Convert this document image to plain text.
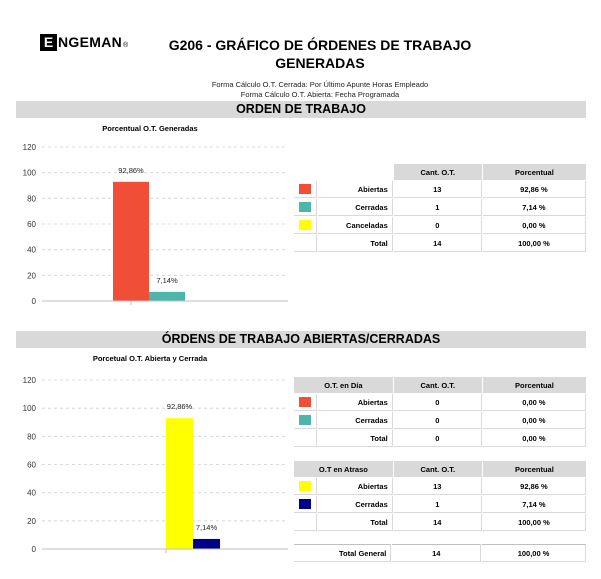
E NGEMAN ®	G206 - GRÁFICO DE ÓRDENES DE TRABAJO
GENERADAS
Forma Cálculo O.T. Cerrada: Por Último Apunte Horas Empleado
Forma Cálculo O.T. Abierta: Fecha Programada
ORDEN DE TRABAJO
Porcentual O.T. Generadas
0
20
40
60
80
100
120
92,86%
7,14%
		Cant. O.T.	Porcentual
	Abiertas	13	92,86 %
	Cerradas	1	7,14 %
	Canceladas	0	0,00 %
	Total	14	100,00 %
ÓRDENS DE TRABAJO ABIERTAS/CERRADAS
Porcetual O.T. Abierta y Cerrada
0
20
40
60
80
100
120
92,86%
7,14%
O.T. en Día		Cant. O.T.	Porcentual
	Abiertas	0	0,00 %
	Cerradas	0	0,00 %
	Total	0	0,00 %
O.T en Atraso		Cant. O.T.	Porcentual
	Abiertas	13	92,86 %
	Cerradas	1	7,14 %
	Total	14	100,00 %
Total General	14	100,00 %
